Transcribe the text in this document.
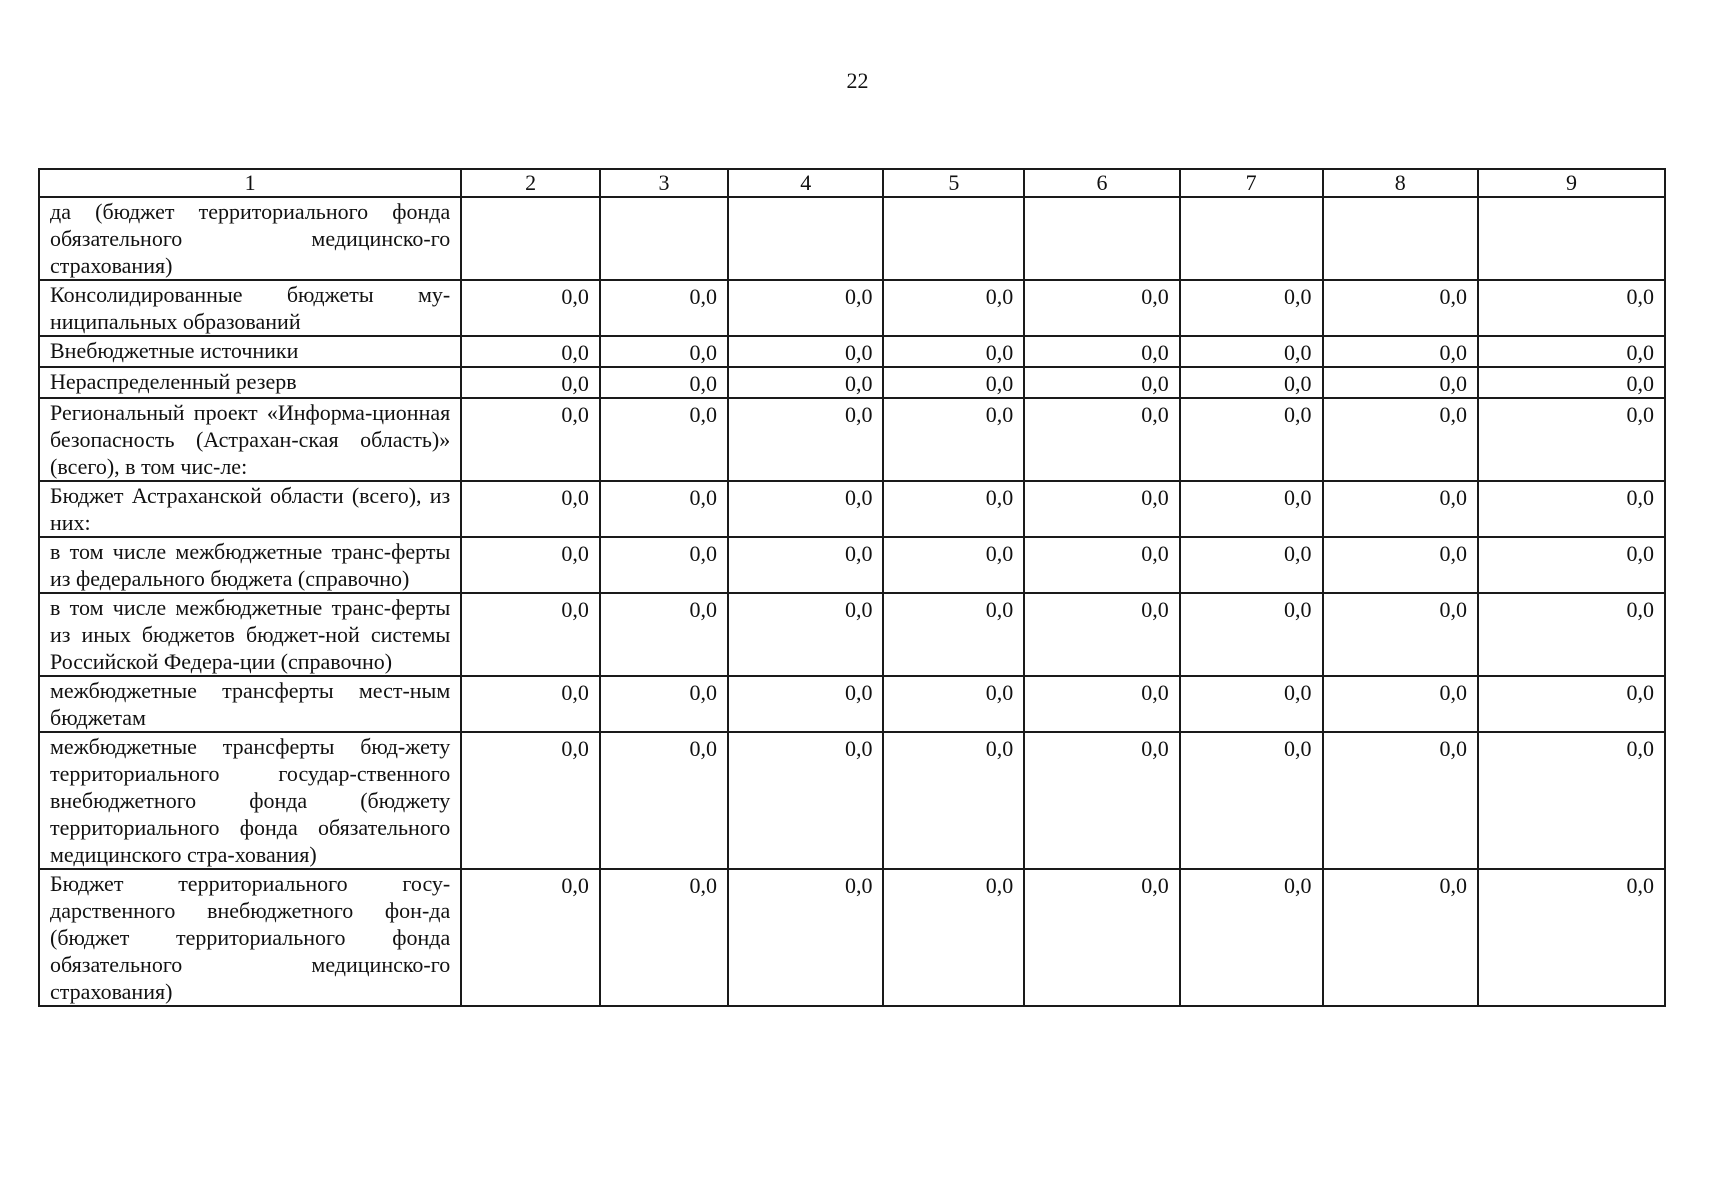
22
1	2	3	4	5	6	7	8	9
да (бюджет территориального фонда обязательного медицинско-го страхования)								
Консолидированные бюджеты му-ниципальных образований	0,0	0,0	0,0	0,0	0,0	0,0	0,0	0,0
Внебюджетные источники	0,0	0,0	0,0	0,0	0,0	0,0	0,0	0,0
Нераспределенный резерв	0,0	0,0	0,0	0,0	0,0	0,0	0,0	0,0
Региональный проект «Информа-ционная безопасность (Астрахан-ская область)» (всего), в том чис-ле:	0,0	0,0	0,0	0,0	0,0	0,0	0,0	0,0
Бюджет Астраханской области (всего), из них:	0,0	0,0	0,0	0,0	0,0	0,0	0,0	0,0
в том числе межбюджетные транс-ферты из федерального бюджета (справочно)	0,0	0,0	0,0	0,0	0,0	0,0	0,0	0,0
в том числе межбюджетные транс-ферты из иных бюджетов бюджет-ной системы Российской Федера-ции (справочно)	0,0	0,0	0,0	0,0	0,0	0,0	0,0	0,0
межбюджетные трансферты мест-ным бюджетам	0,0	0,0	0,0	0,0	0,0	0,0	0,0	0,0
межбюджетные трансферты бюд-жету территориального государ-ственного внебюджетного фонда (бюджету территориального фонда обязательного медицинского стра-хования)	0,0	0,0	0,0	0,0	0,0	0,0	0,0	0,0
Бюджет территориального госу-дарственного внебюджетного фон-да (бюджет территориального фонда обязательного медицинско-го страхования)	0,0	0,0	0,0	0,0	0,0	0,0	0,0	0,0
